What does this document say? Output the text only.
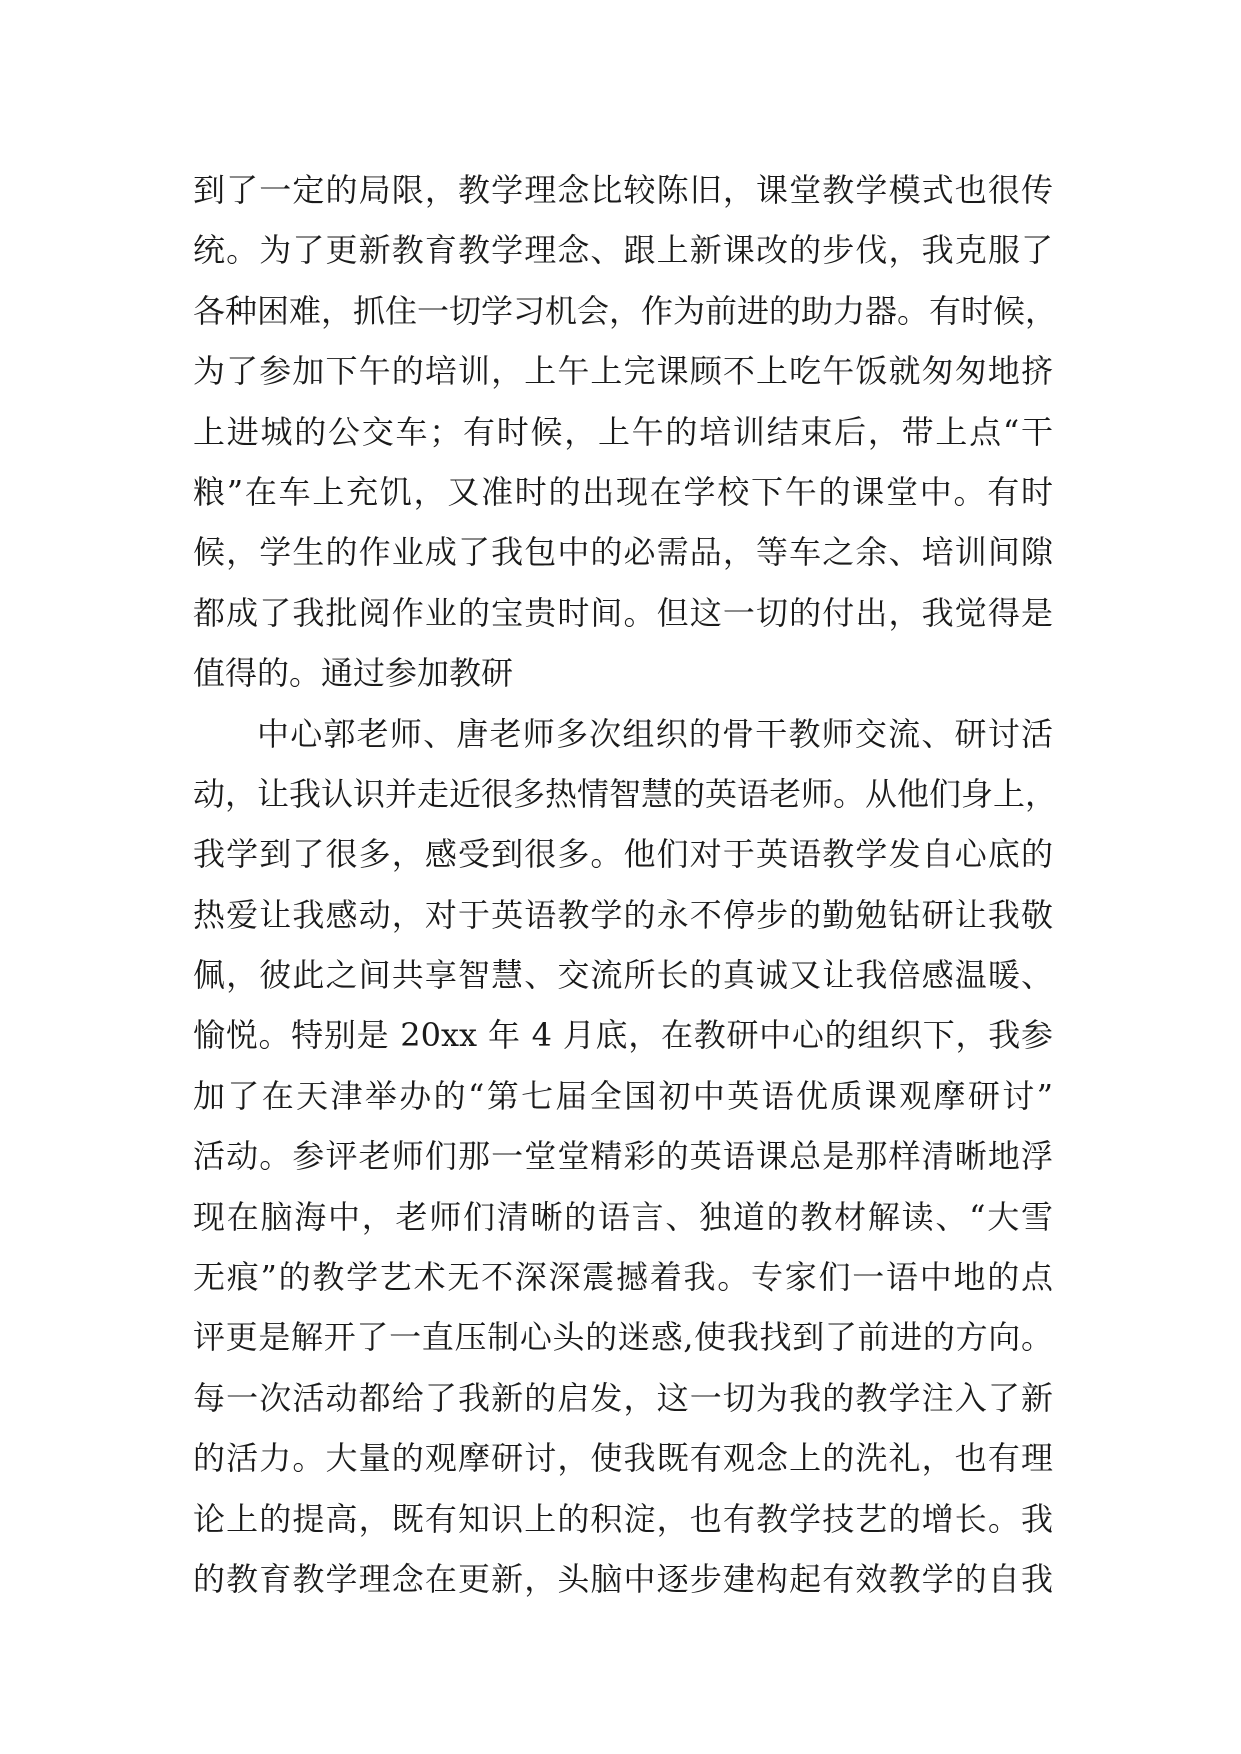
到了一定的局限，教学理念比较陈旧，课堂教学模式也很传
统。为了更新教育教学理念、跟上新课改的步伐，我克服了
各种困难，抓住一切学习机会，作为前进的助力器。有时候，
为了参加下午的培训，上午上完课顾不上吃午饭就匆匆地挤
上进城的公交车；有时候，上午的培训结束后，带上点“干
粮”在车上充饥，又准时的出现在学校下午的课堂中。有时
候，学生的作业成了我包中的必需品，等车之余、培训间隙
都成了我批阅作业的宝贵时间。但这一切的付出，我觉得是
值得的。通过参加教研
中心郭老师、唐老师多次组织的骨干教师交流、研讨活
动，让我认识并走近很多热情智慧的英语老师。从他们身上，
我学到了很多，感受到很多。他们对于英语教学发自心底的
热爱让我感动，对于英语教学的永不停步的勤勉钻研让我敬
佩，彼此之间共享智慧、交流所长的真诚又让我倍感温暖、
愉悦。特别是 20xx 年 4 月底，在教研中心的组织下，我参
加了在天津举办的“第七届全国初中英语优质课观摩研讨”
活动。参评老师们那一堂堂精彩的英语课总是那样清晰地浮
现在脑海中，老师们清晰的语言、独道的教材解读、“大雪
无痕”的教学艺术无不深深震撼着我。专家们一语中地的点
评更是解开了一直压制心头的迷惑,使我找到了前进的方向。
每一次活动都给了我新的启发，这一切为我的教学注入了新
的活力。大量的观摩研讨，使我既有观念上的洗礼，也有理
论上的提高，既有知识上的积淀，也有教学技艺的增长。我
的教育教学理念在更新，头脑中逐步建构起有效教学的自我
